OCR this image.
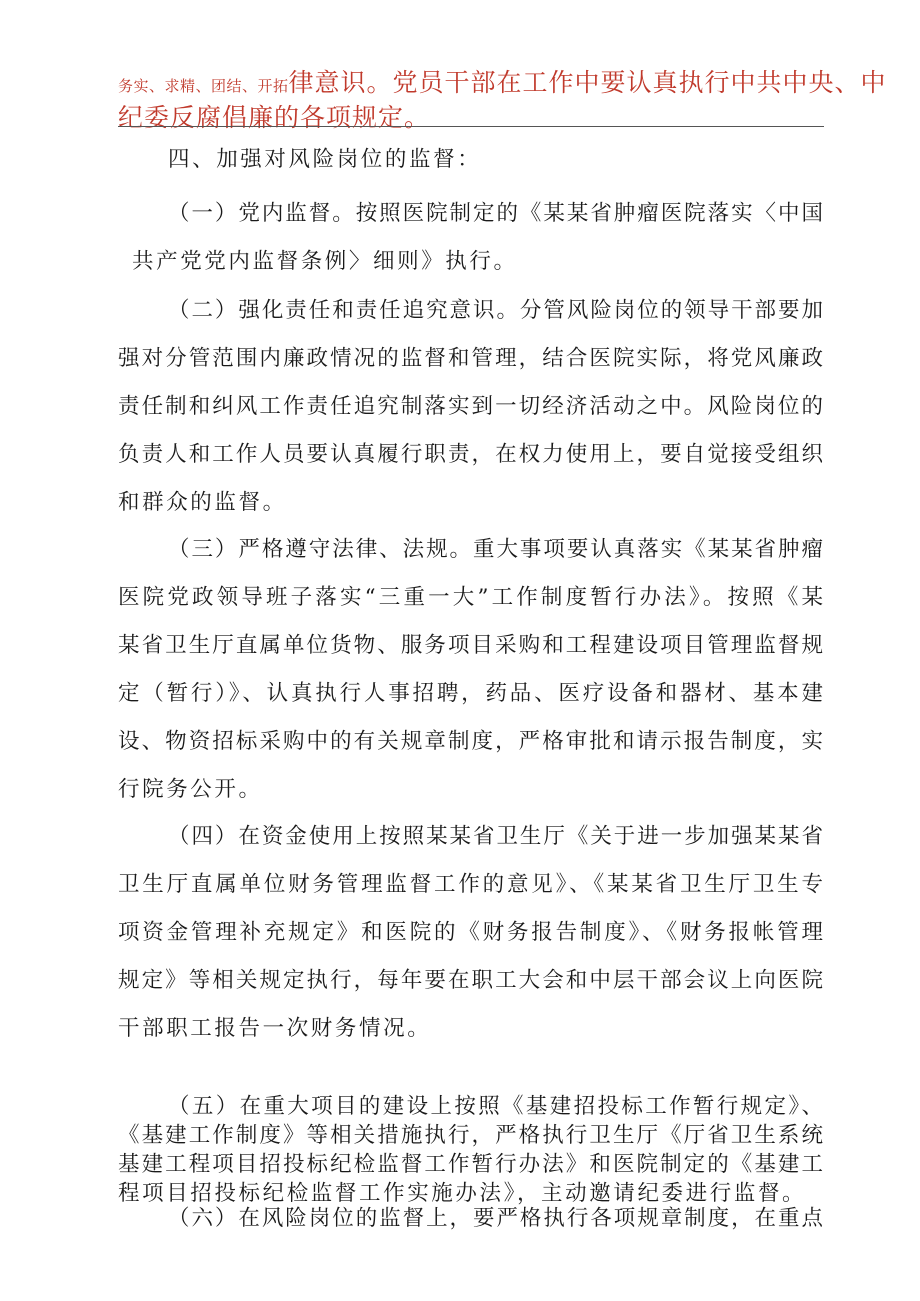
务实、求精、团结、开拓律意识。党员干部在工作中要认真执行中共中央、中
纪委反腐倡廉的各项规定。
四、加强对风险岗位的监督：
（一）党内监督。按照医院制定的《某某省肿瘤医院落实〈中国
共产党党内监督条例〉细则》执行。
（二）强化责任和责任追究意识。分管风险岗位的领导干部要加
强对分管范围内廉政情况的监督和管理，结合医院实际，将党风廉政
责任制和纠风工作责任追究制落实到一切经济活动之中。风险岗位的
负责人和工作人员要认真履行职责，在权力使用上，要自觉接受组织
和群众的监督。
（三）严格遵守法律、法规。重大事项要认真落实《某某省肿瘤
医院党政领导班子落实“三重一大”工作制度暂行办法》。按照《某
某省卫生厅直属单位货物、服务项目采购和工程建设项目管理监督规
定（暂行）》、认真执行人事招聘，药品、医疗设备和器材、基本建
设、物资招标采购中的有关规章制度，严格审批和请示报告制度，实
行院务公开。
（四）在资金使用上按照某某省卫生厅《关于进一步加强某某省
卫生厅直属单位财务管理监督工作的意见》、《某某省卫生厅卫生专
项资金管理补充规定》和医院的《财务报告制度》、《财务报帐管理
规定》等相关规定执行，每年要在职工大会和中层干部会议上向医院
干部职工报告一次财务情况。
（五）在重大项目的建设上按照《基建招投标工作暂行规定》、
《基建工作制度》等相关措施执行，严格执行卫生厅《厅省卫生系统
基建工程项目招投标纪检监督工作暂行办法》和医院制定的《基建工
程项目招投标纪检监督工作实施办法》，主动邀请纪委进行监督。
（六）在风险岗位的监督上，要严格执行各项规章制度，在重点
